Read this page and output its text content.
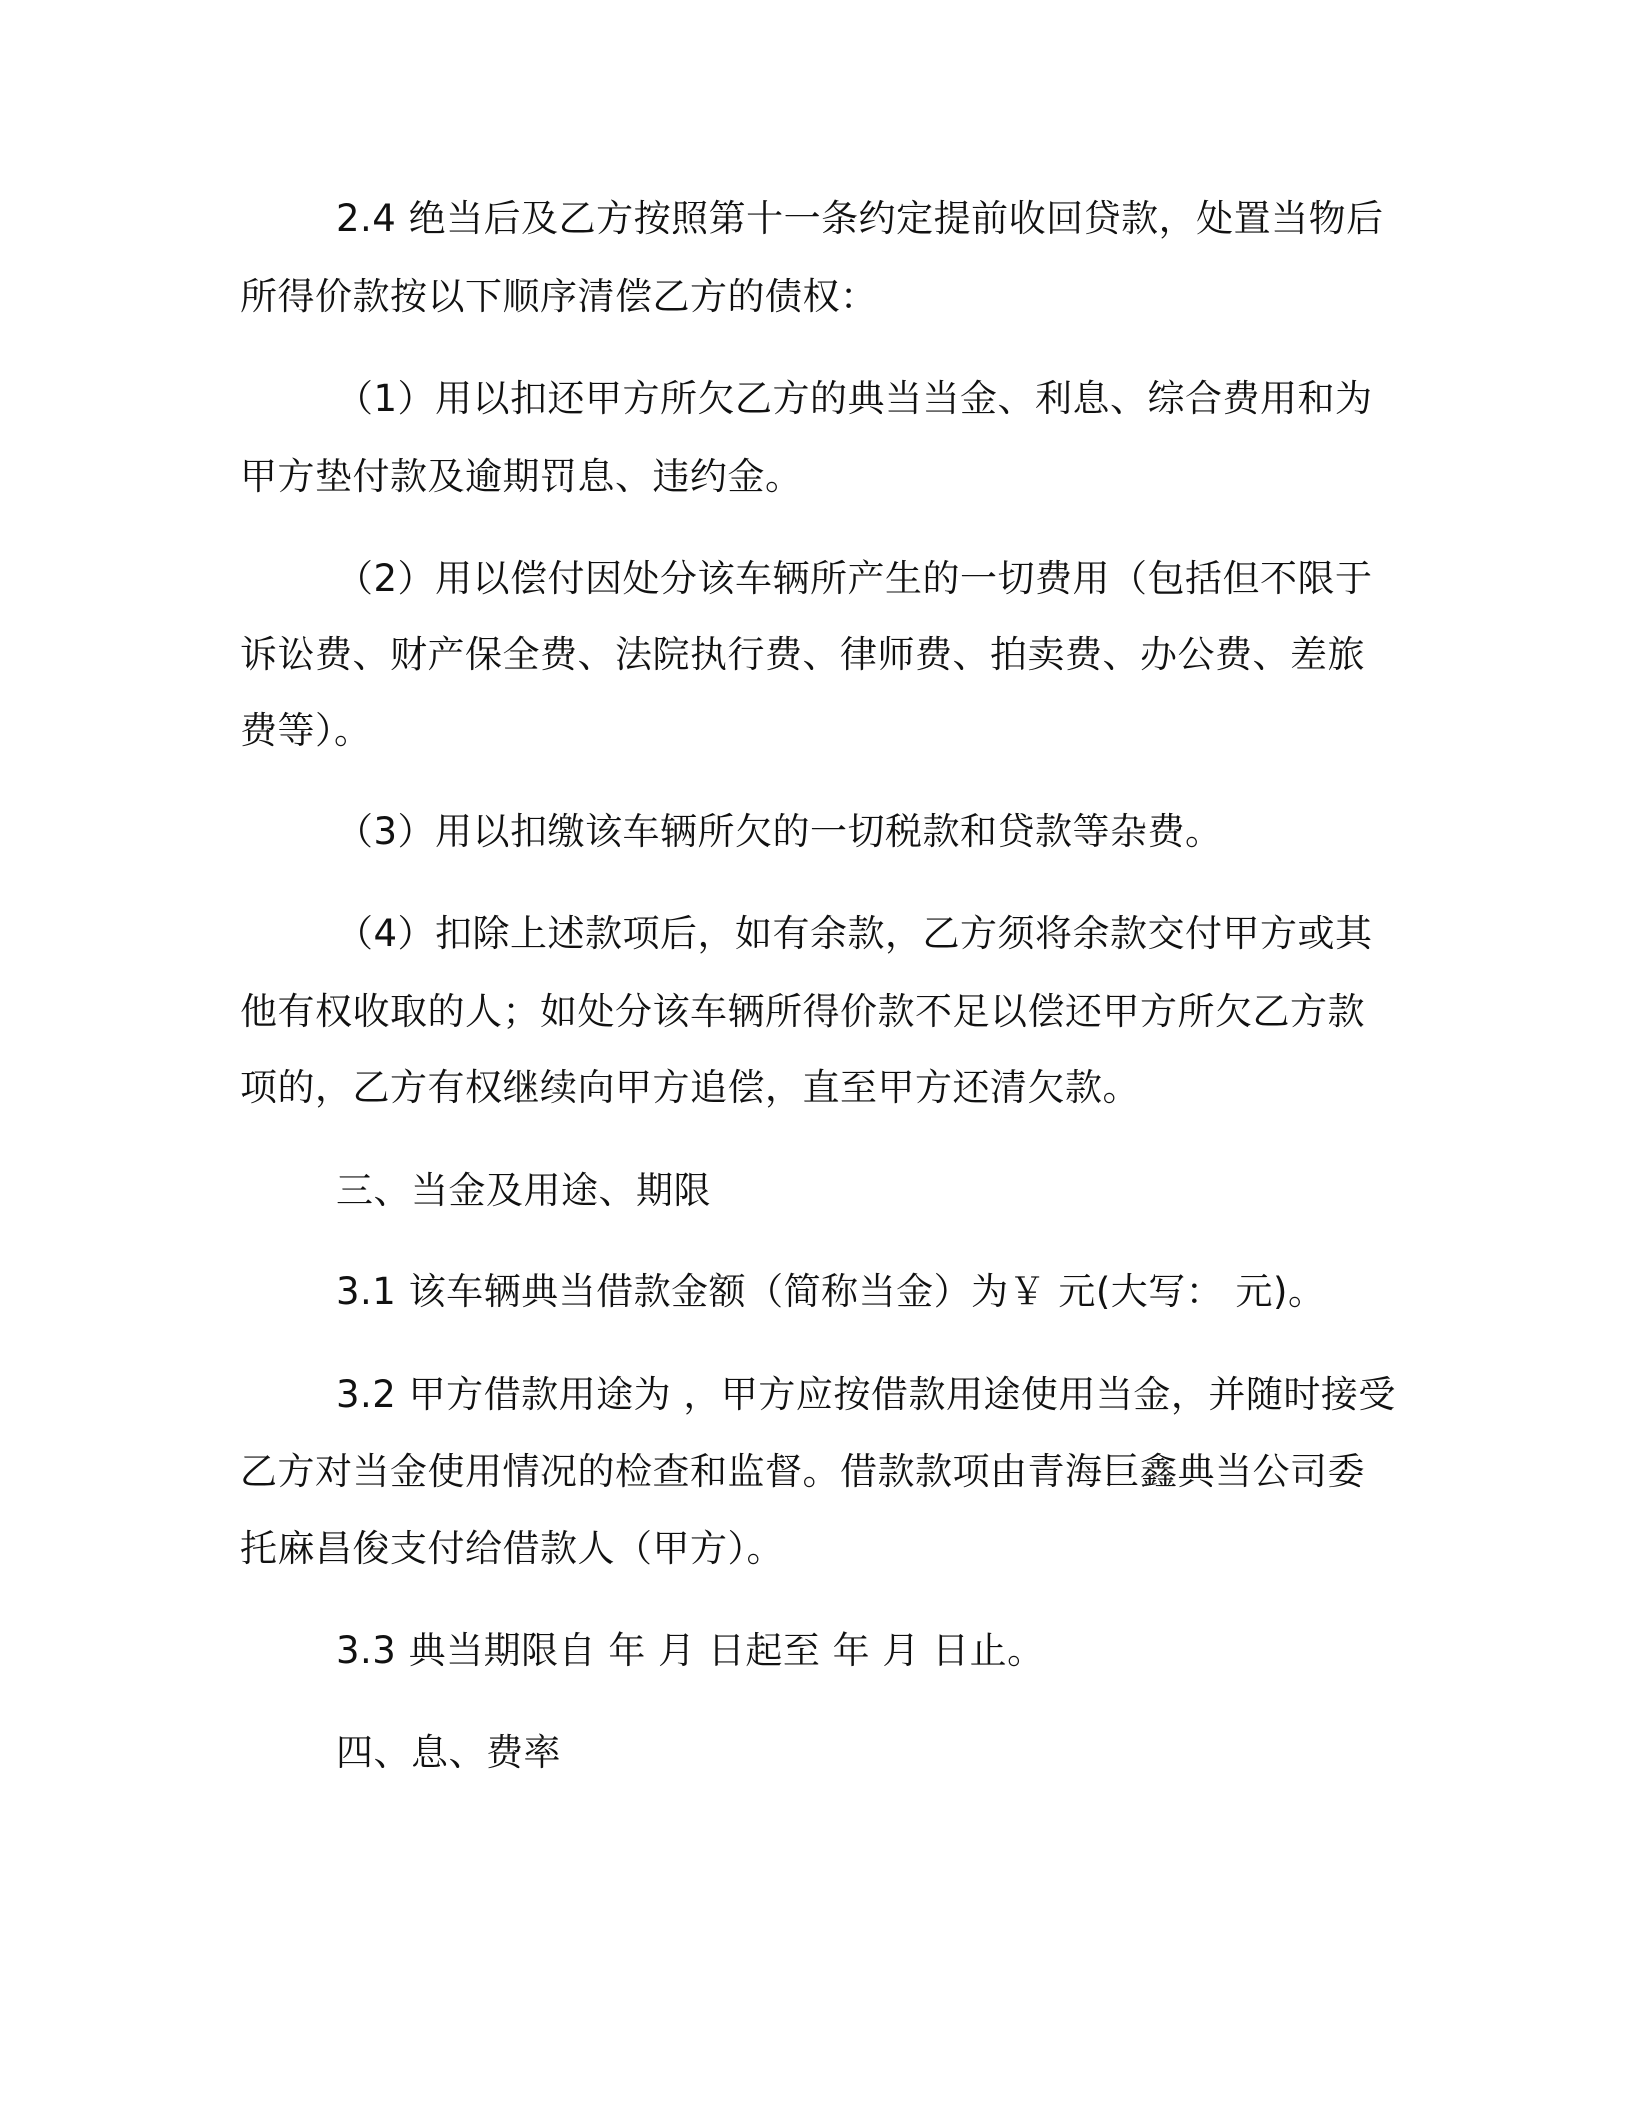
2.4 绝当后及乙方按照第十一条约定提前收回贷款，处置当物后
所得价款按以下顺序清偿乙方的债权：
（1）用以扣还甲方所欠乙方的典当当金、利息、综合费用和为
甲方垫付款及逾期罚息、违约金。
（2）用以偿付因处分该车辆所产生的一切费用（包括但不限于
诉讼费、财产保全费、法院执行费、律师费、拍卖费、办公费、差旅
费等）。
（3）用以扣缴该车辆所欠的一切税款和贷款等杂费。
（4）扣除上述款项后，如有余款，乙方须将余款交付甲方或其
他有权收取的人；如处分该车辆所得价款不足以偿还甲方所欠乙方款
项的，乙方有权继续向甲方追偿，直至甲方还清欠款。
三、当金及用途、期限
3.1 该车辆典当借款金额（简称当金）为￥ 元(大写： 元)。
3.2 甲方借款用途为 ，甲方应按借款用途使用当金，并随时接受
乙方对当金使用情况的检查和监督。借款款项由青海巨鑫典当公司委
托麻昌俊支付给借款人（甲方）。
3.3 典当期限自 年 月 日起至 年 月 日止。
四、息、费率
